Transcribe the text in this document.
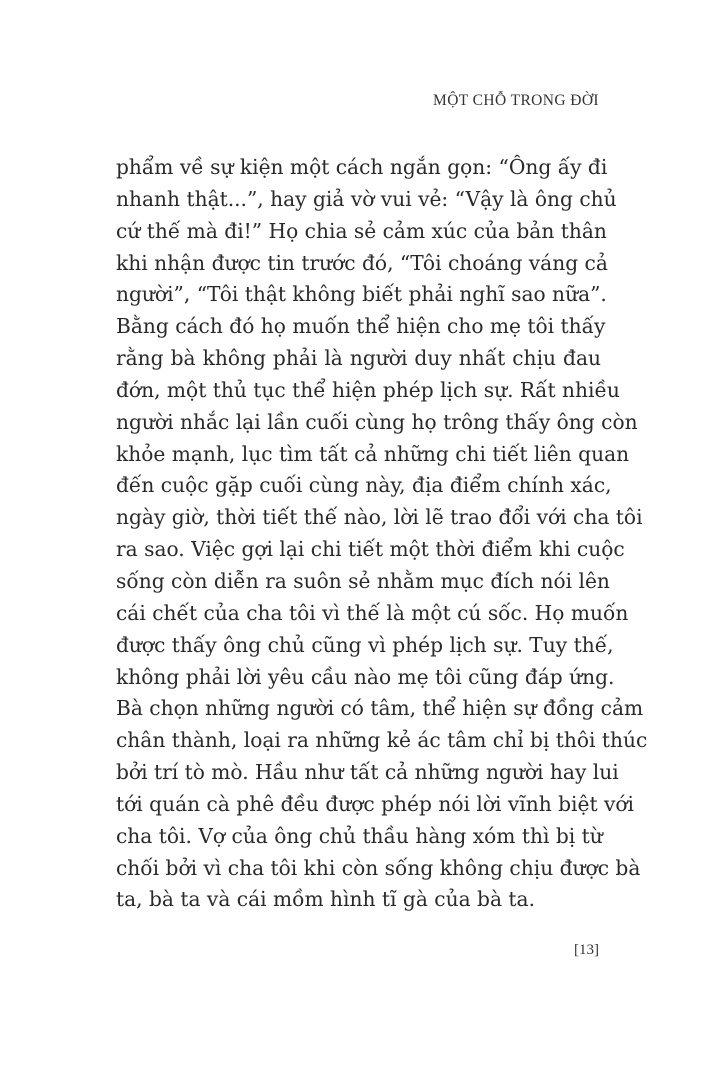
MỘT CHỖ TRONG ĐỜI
phẩm về sự kiện một cách ngắn gọn: “Ông ấy đi
nhanh thật...”, hay giả vờ vui vẻ: “Vậy là ông chủ
cứ thế mà đi!” Họ chia sẻ cảm xúc của bản thân
khi nhận được tin trước đó, “Tôi choáng váng cả
người”, “Tôi thật không biết phải nghĩ sao nữa”.
Bằng cách đó họ muốn thể hiện cho mẹ tôi thấy
rằng bà không phải là người duy nhất chịu đau
đớn, một thủ tục thể hiện phép lịch sự. Rất nhiều
người nhắc lại lần cuối cùng họ trông thấy ông còn
khỏe mạnh, lục tìm tất cả những chi tiết liên quan
đến cuộc gặp cuối cùng này, địa điểm chính xác,
ngày giờ, thời tiết thế nào, lời lẽ trao đổi với cha tôi
ra sao. Việc gợi lại chi tiết một thời điểm khi cuộc
sống còn diễn ra suôn sẻ nhằm mục đích nói lên
cái chết của cha tôi vì thế là một cú sốc. Họ muốn
được thấy ông chủ cũng vì phép lịch sự. Tuy thế,
không phải lời yêu cầu nào mẹ tôi cũng đáp ứng.
Bà chọn những người có tâm, thể hiện sự đồng cảm
chân thành, loại ra những kẻ ác tâm chỉ bị thôi thúc
bởi trí tò mò. Hầu như tất cả những người hay lui
tới quán cà phê đều được phép nói lời vĩnh biệt với
cha tôi. Vợ của ông chủ thầu hàng xóm thì bị từ
chối bởi vì cha tôi khi còn sống không chịu được bà
ta, bà ta và cái mồm hình tĩ gà của bà ta.
[13]
